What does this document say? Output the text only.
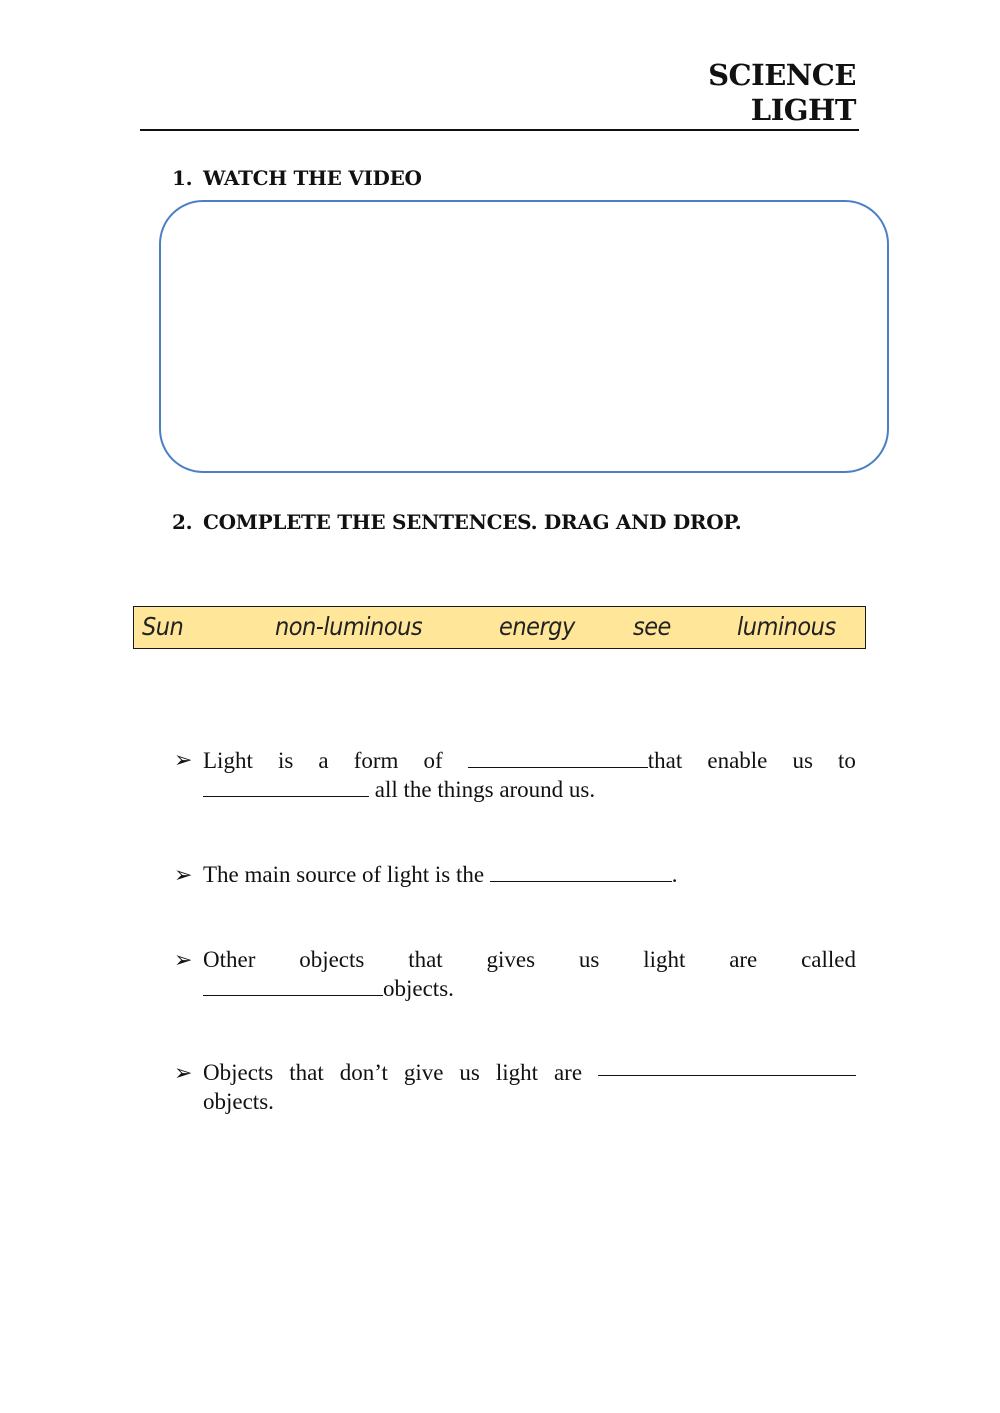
SCIENCE
LIGHT
1. WATCH THE VIDEO
2. COMPLETE THE SENTENCES. DRAG AND DROP.
Sun	non-luminous	energy see	luminous
➢ Light is a form of	that enable us to
all the things around us.
➢ The main source of light is the	.
➢ Other objects that gives us light are called
objects.
➢ Objects that don’t give us light are
objects.
